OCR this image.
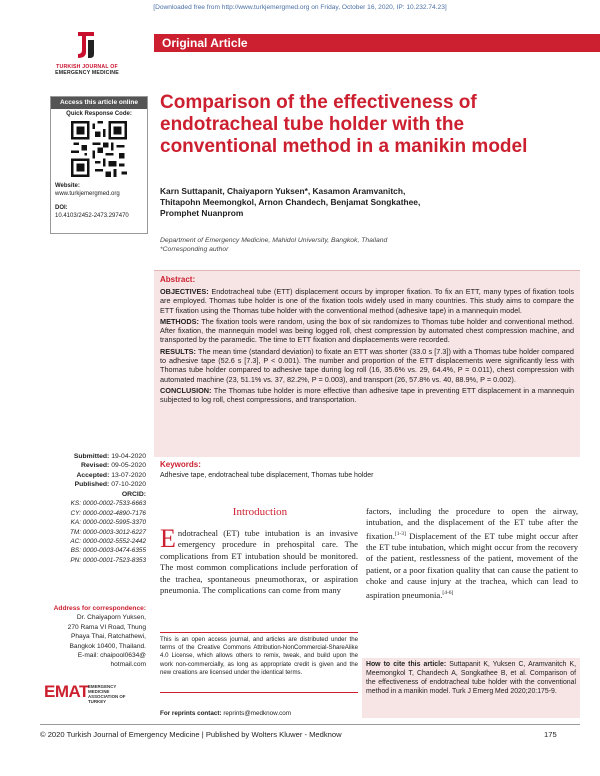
[Downloaded free from http://www.turkjemergmed.org on Friday, October 16, 2020, IP: 10.232.74.23]
TURKISH JOURNAL OF
EMERGENCY MEDICINE
Original Article
Access this article online
Quick Response Code:
Website:
www.turkjemergmed.org
DOI:
10.4103/2452-2473.297470
Submitted: 19-04-2020
Revised: 09-05-2020
Accepted: 13-07-2020
Published: 07-10-2020
ORCID:
KS: 0000-0002-7533-6663
CY: 0000-0002-4890-7176
KA: 0000-0002-5995-3370
TM: 0000-0003-3012-6227
AC: 0000-0002-5552-2442
BS: 0000-0003-0474-6355
PN: 0000-0001-7523-8353
Address for correspondence:
Dr. Chaiyaporn Yuksen,
270 Rama VI Road, Thung
Phaya Thai, Ratchathewi,
Bangkok 10400, Thailand.
E-mail: chaipool0634@
hotmail.com
EMAT EMERGENCY MEDICINE ASSOCIATION OF TURKEY
Comparison of the effectiveness of endotracheal tube holder with the conventional method in a manikin model
Karn Suttapanit, Chaiyaporn Yuksen*, Kasamon Aramvanitch,
Thitapohn Meemongkol, Arnon Chandech, Benjamat Songkathee,
Promphet Nuanprom
Department of Emergency Medicine, Mahidol University, Bangkok, Thailand
*Corresponding author
Abstract:

OBJECTIVES: Endotracheal tube (ETT) displacement occurs by improper fixation. To fix an ETT, many types of fixation tools are employed. Thomas tube holder is one of the fixation tools widely used in many countries. This study aims to compare the ETT fixation using the Thomas tube holder with the conventional method (adhesive tape) in a mannequin model.

METHODS: The fixation tools were random, using the box of six randomizes to Thomas tube holder and conventional method. After fixation, the mannequin model was being logged roll, chest compression by automated chest compression machine, and transported by the paramedic. The time to ETT fixation and displacements were recorded.

RESULTS: The mean time (standard deviation) to fixate an ETT was shorter (33.0 s [7.3]) with a Thomas tube holder compared to adhesive tape (52.6 s [7.3], P < 0.001). The number and proportion of the ETT displacements were significantly less with Thomas tube holder compared to adhesive tape during log roll (16, 35.6% vs. 29, 64.4%, P = 0.011), chest compression with automated machine (23, 51.1% vs. 37, 82.2%, P = 0.003), and transport (26, 57.8% vs. 40, 88.9%, P = 0.002).

CONCLUSION: The Thomas tube holder is more effective than adhesive tape in preventing ETT displacement in a mannequin subjected to log roll, chest compressions, and transportation.

Keywords:
Adhesive tape, endotracheal tube displacement, Thomas tube holder
Introduction
Endotracheal (ET) tube intubation is an invasive emergency procedure in prehospital care. The complications from ET intubation should be monitored. The most common complications include perforation of the trachea, spontaneous pneumothorax, or aspiration pneumonia. The complications can come from many
factors, including the procedure to open the airway, intubation, and the displacement of the ET tube after the fixation.[1-3] Displacement of the ET tube might occur after the ET tube intubation, which might occur from the recovery of the patient, restlessness of the patient, movement of the patient, or a poor fixation quality that can cause the patient to choke and cause injury at the trachea, which can lead to aspiration pneumonia.[4-6]
This is an open access journal, and articles are distributed under the terms of the Creative Commons Attribution-NonCommercial-ShareAlike 4.0 License, which allows others to remix, tweak, and build upon the work non-commercially, as long as appropriate credit is given and the new creations are licensed under the identical terms.
How to cite this article: Suttapanit K, Yuksen C, Aramvanitch K, Meemongkol T, Chandech A, Songkathee B, et al. Comparison of the effectiveness of endotracheal tube holder with the conventional method in a manikin model. Turk J Emerg Med 2020;20:175-9.
For reprints contact: reprints@medknow.com
© 2020 Turkish Journal of Emergency Medicine | Published by Wolters Kluwer - Medknow	175
